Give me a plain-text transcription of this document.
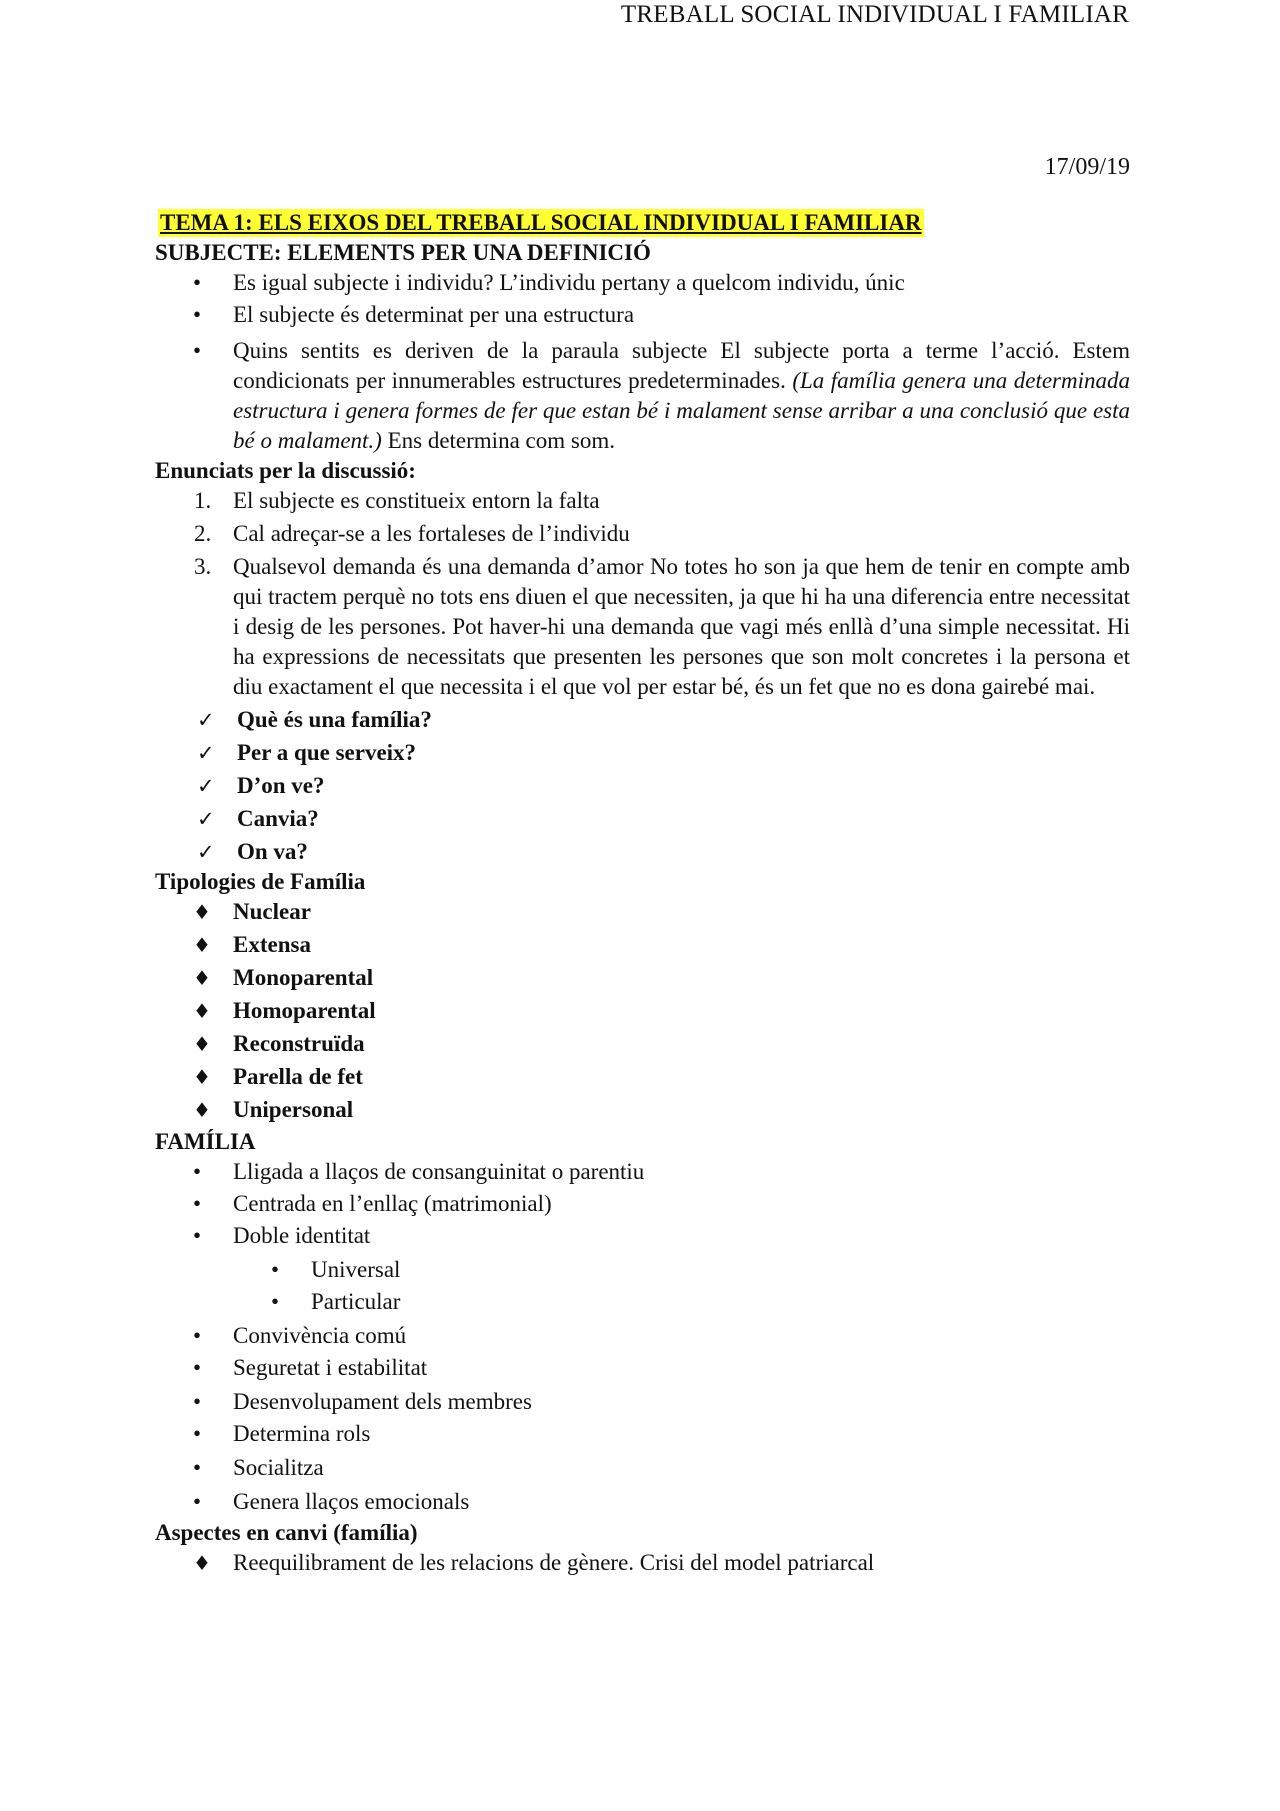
TREBALL SOCIAL INDIVIDUAL I FAMILIAR
17/09/19
TEMA 1: ELS EIXOS DEL TREBALL SOCIAL INDIVIDUAL I FAMILIAR
SUBJECTE: ELEMENTS PER UNA DEFINICIÓ
•	Es igual subjecte i individu? L’individu pertany a quelcom individu, únic
•	El subjecte és determinat per una estructura
•	Quins sentits es deriven de la paraula subjecte El subjecte porta a terme l’acció. Estem condicionats per innumerables estructures predeterminades. (La família genera una determinada estructura i genera formes de fer que estan bé i malament sense arribar a una conclusió que esta bé o malament.) Ens determina com som.
Enunciats per la discussió:
1. El subjecte es constitueix entorn la falta
2. Cal adreçar-se a les fortaleses de l’individu
3. Qualsevol demanda és una demanda d’amor No totes ho son ja que hem de tenir en compte amb qui tractem perquè no tots ens diuen el que necessiten, ja que hi ha una diferencia entre necessitat i desig de les persones. Pot haver-hi una demanda que vagi més enllà d’una simple necessitat. Hi ha expressions de necessitats que presenten les persones que son molt concretes i la persona et diu exactament el que necessita i el que vol per estar bé, és un fet que no es dona gairebé mai.
✓ Què és una família?
✓ Per a que serveix?
✓ D’on ve?
✓ Canvia?
✓ On va?
Tipologies de Família
♦ Nuclear
♦ Extensa
♦ Monoparental
♦ Homoparental
♦ Reconstruïda
♦ Parella de fet
♦ Unipersonal
FAMÍLIA
•	Lligada a llaços de consanguinitat o parentiu
•	Centrada en l’enllaç (matrimonial)
•	Doble identitat
•	Universal
•	Particular
•	Convivència comú
•	Seguretat i estabilitat
•	Desenvolupament dels membres
•	Determina rols
•	Socialitza
•	Genera llaços emocionals
Aspectes en canvi (família)
♦ Reequilibrament de les relacions de gènere. Crisi del model patriarcal
